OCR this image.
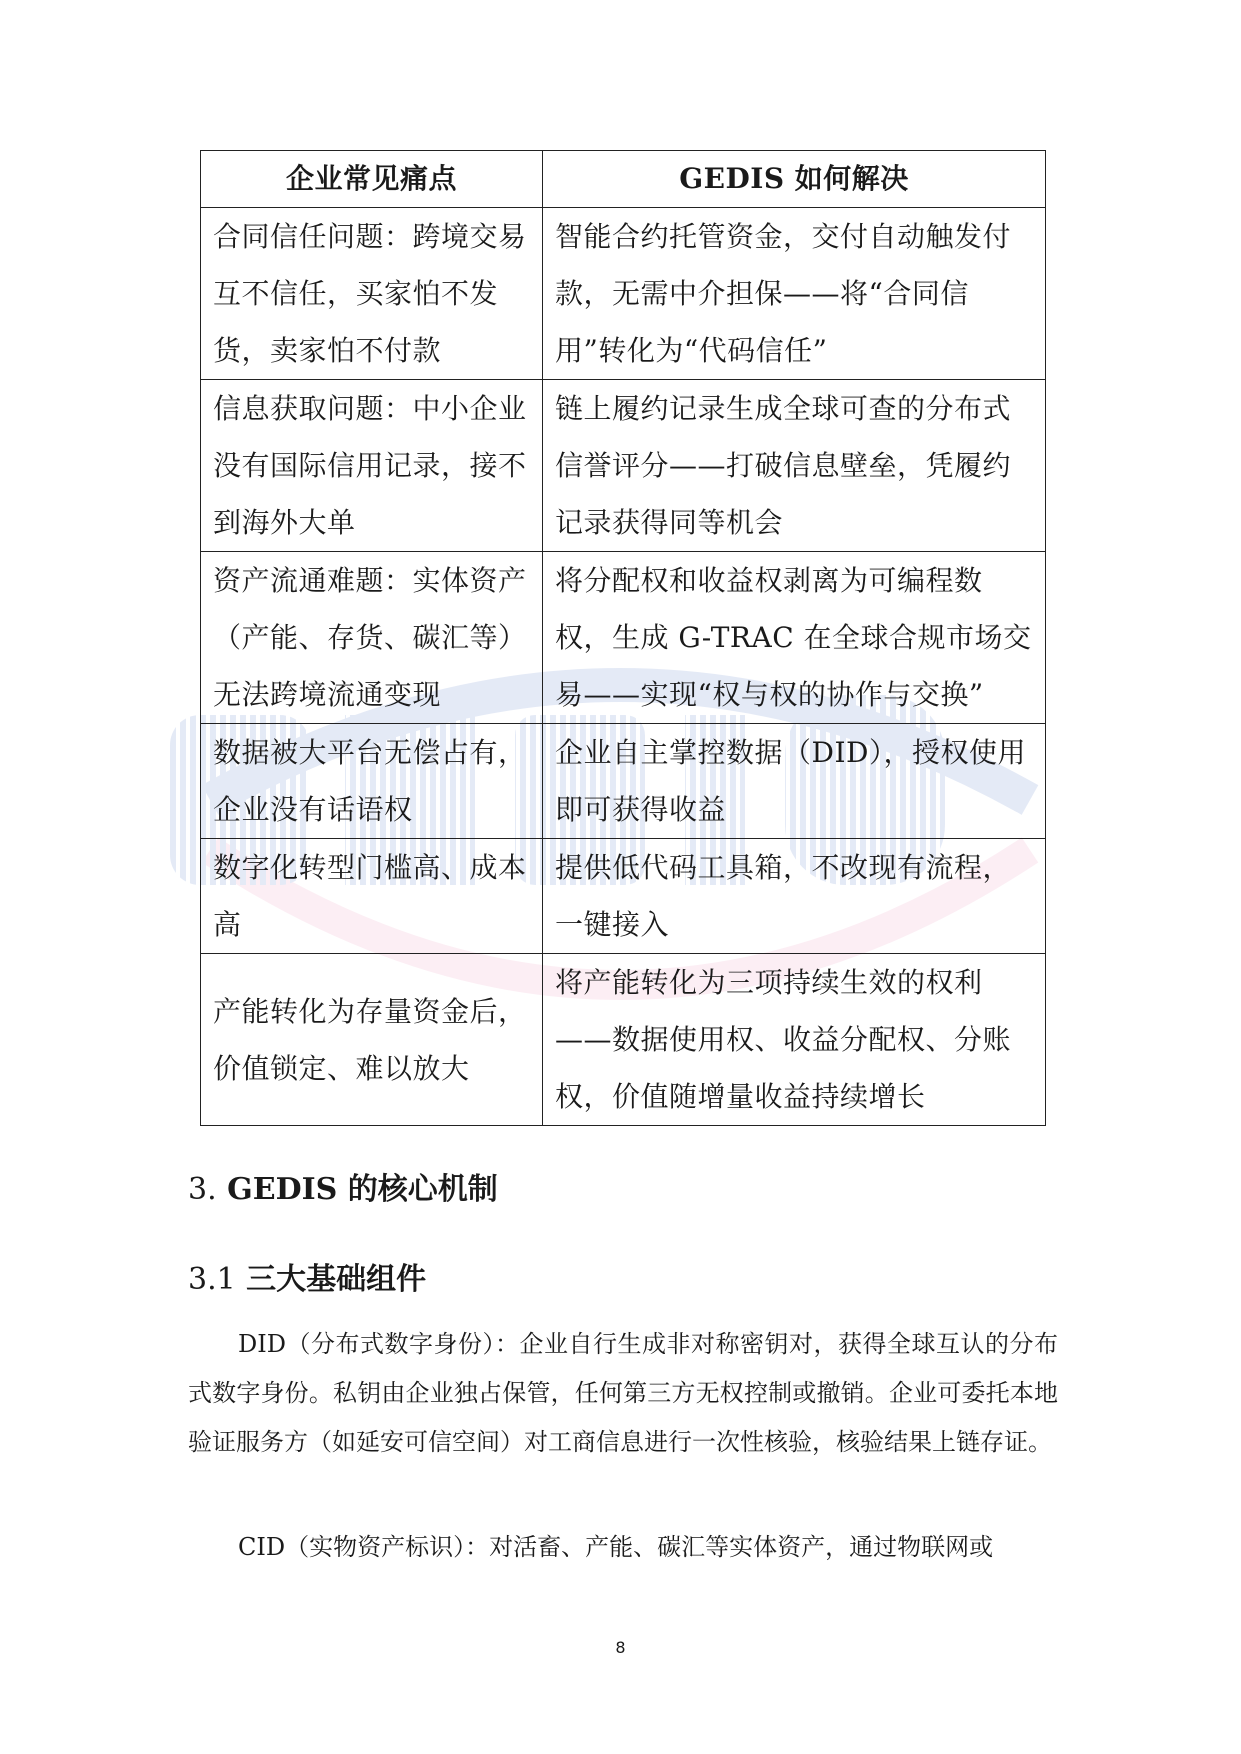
企业常见痛点	GEDIS 如何解决
合同信任问题：跨境交易互不信任，买家怕不发货，卖家怕不付款	智能合约托管资金，交付自动触发付款，无需中介担保——将“合同信用”转化为“代码信任”
信息获取问题：中小企业没有国际信用记录，接不到海外大单	链上履约记录生成全球可查的分布式信誉评分——打破信息壁垒，凭履约记录获得同等机会
资产流通难题：实体资产（产能、存货、碳汇等）无法跨境流通变现	将分配权和收益权剥离为可编程数权，生成 G-TRAC 在全球合规市场交易——实现“权与权的协作与交换”
数据被大平台无偿占有，企业没有话语权	企业自主掌控数据（DID），授权使用即可获得收益
数字化转型门槛高、成本高	提供低代码工具箱，不改现有流程，一键接入
产能转化为存量资金后，价值锁定、难以放大	将产能转化为三项持续生效的权利——数据使用权、收益分配权、分账权，价值随增量收益持续增长
3. GEDIS 的核心机制
3.1 三大基础组件

DID（分布式数字身份）：企业自行生成非对称密钥对，获得全球互认的分布式数字身份。私钥由企业独占保管，任何第三方无权控制或撤销。企业可委托本地验证服务方（如延安可信空间）对工商信息进行一次性核验，核验结果上链存证。

CID（实物资产标识）：对活畜、产能、碳汇等实体资产，通过物联网或

8
